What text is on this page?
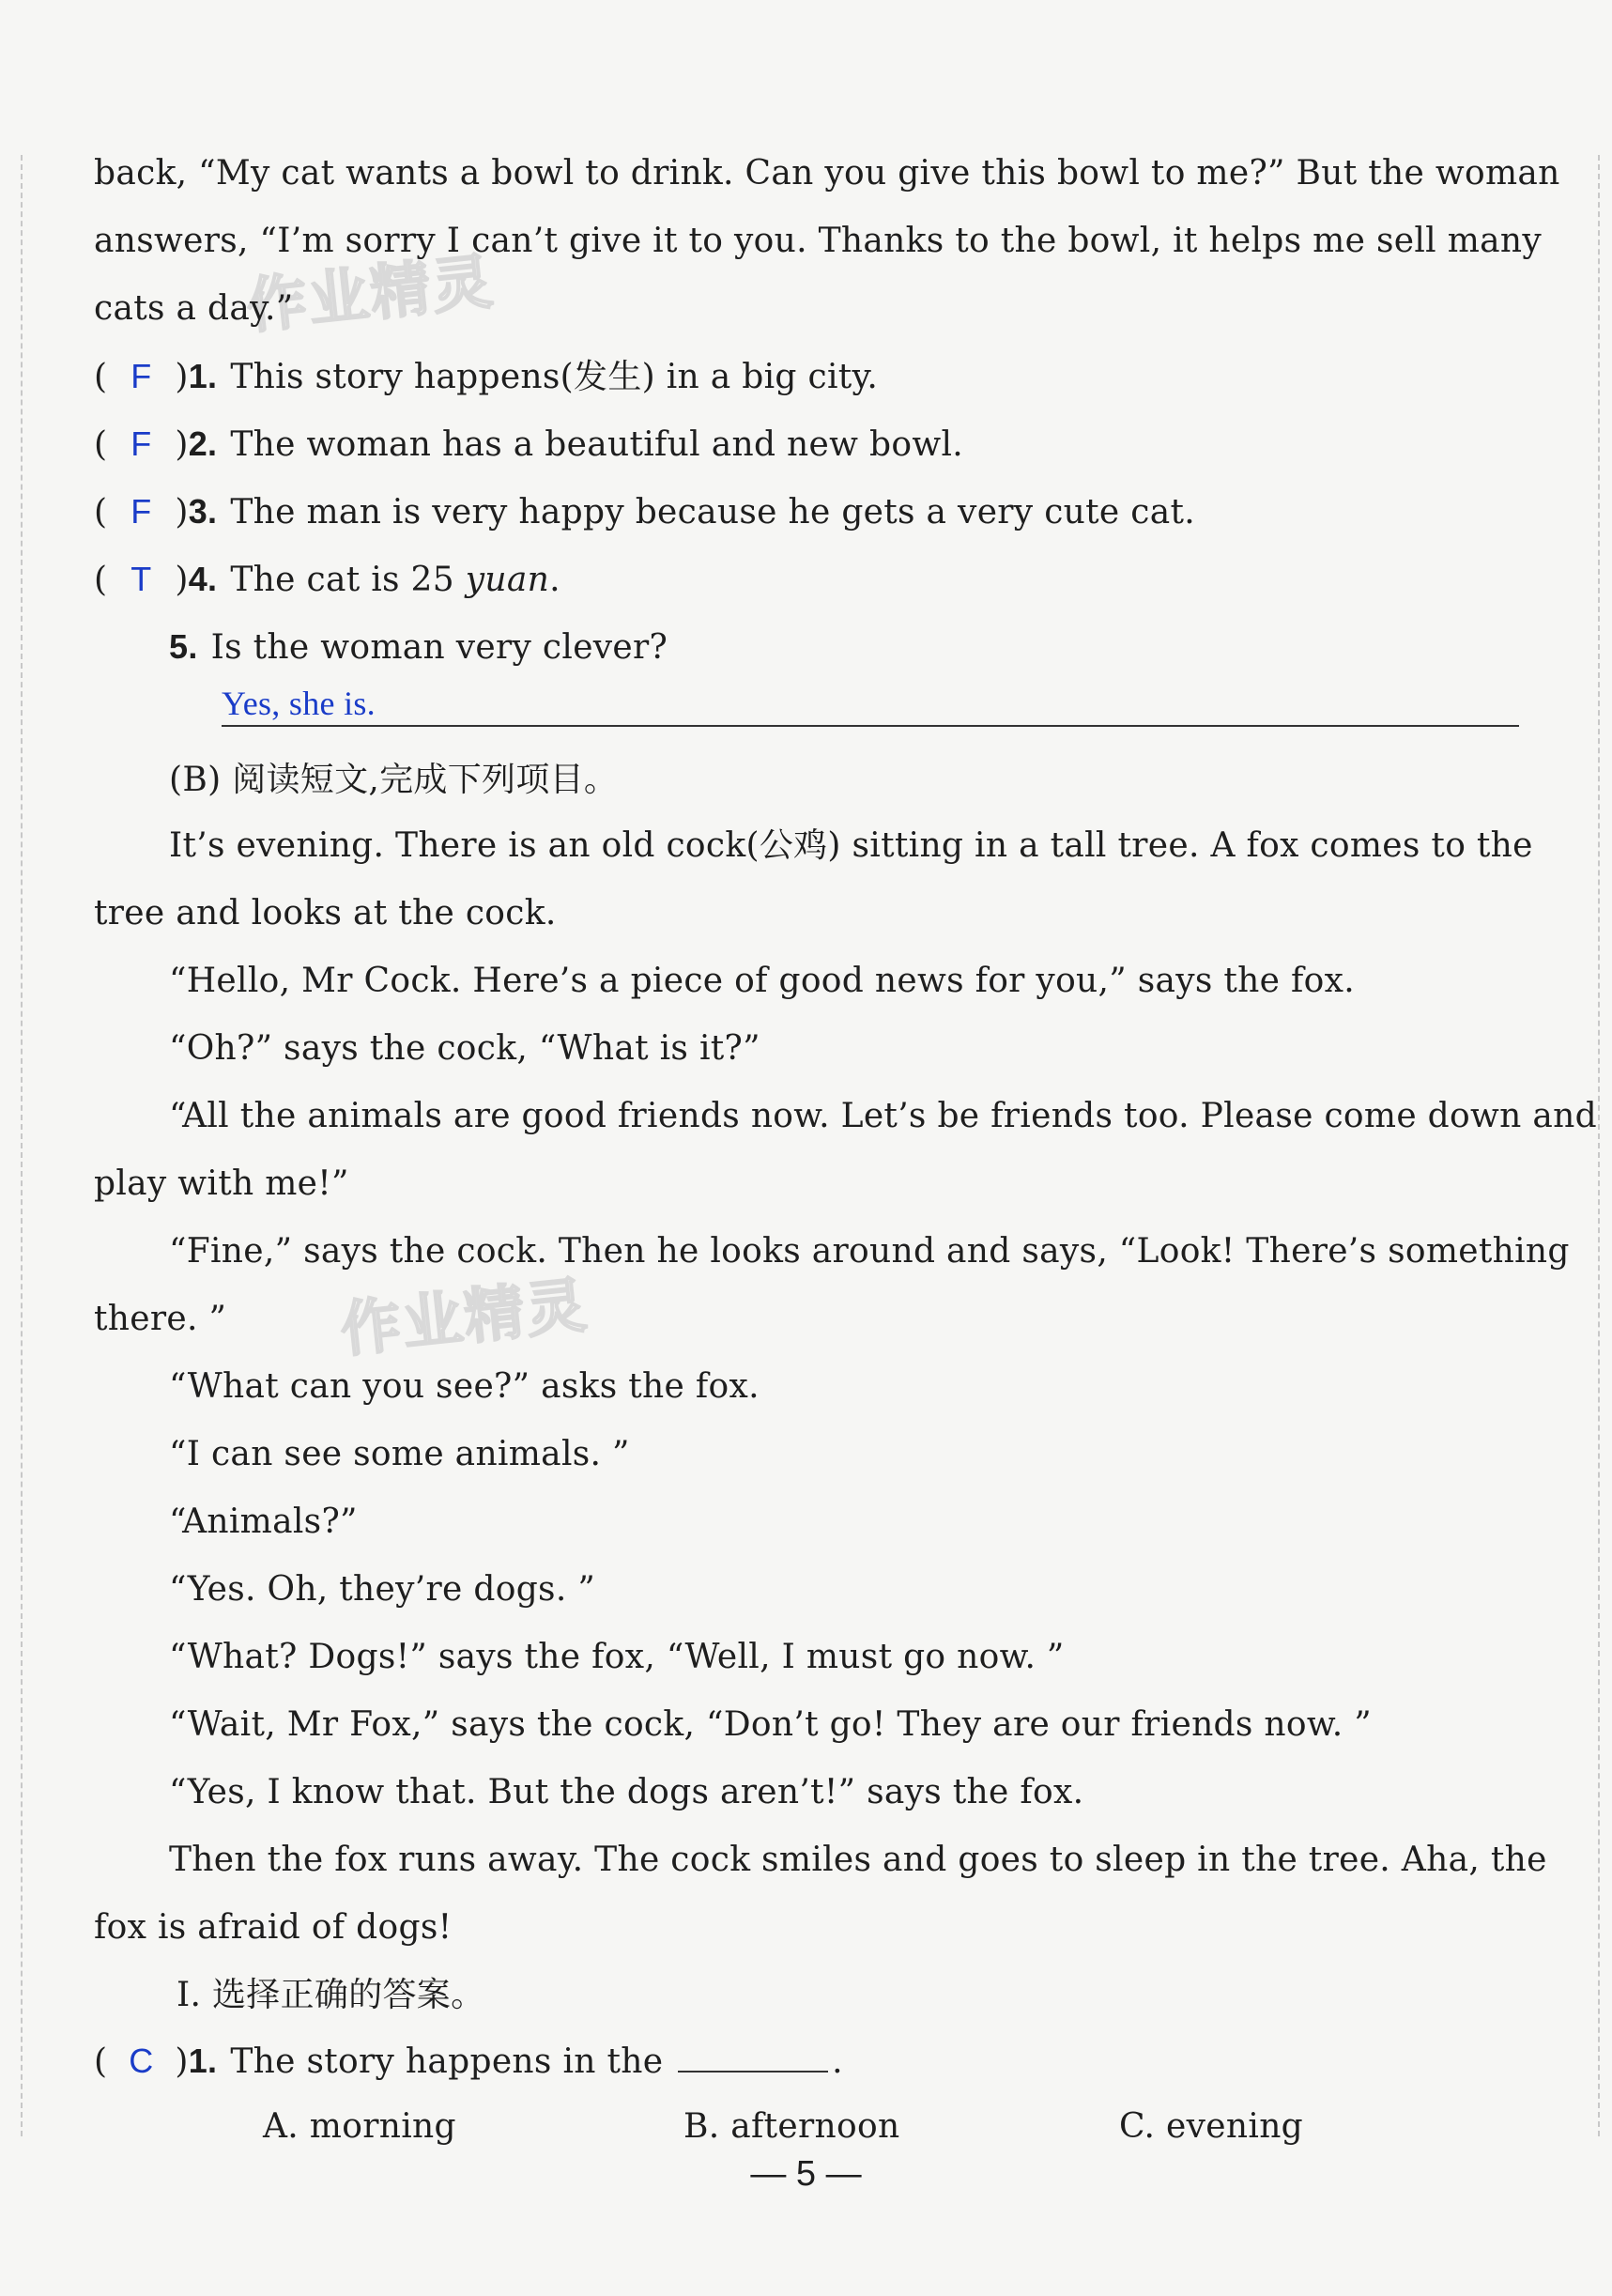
作业精灵
作业精灵
back, “My cat wants a bowl to drink. Can you give this bowl to me?” But the woman
answers, “I’m sorry I can’t give it to you. Thanks to the bowl, it helps me sell many
cats a day.”
( F )1. This story happens(发生) in a big city.
( F )2. The woman has a beautiful and new bowl.
( F )3. The man is very happy because he gets a very cute cat.
( T )4. The cat is 25 yuan.
5. Is the woman very clever?
Yes, she is.
(B) 阅读短文,完成下列项目。
It’s evening. There is an old cock(公鸡) sitting in a tall tree. A fox comes to the
tree and looks at the cock.
“Hello, Mr Cock. Here’s a piece of good news for you,” says the fox.
“Oh?” says the cock, “What is it?”
“All the animals are good friends now. Let’s be friends too. Please come down and
play with me!”
“Fine,” says the cock. Then he looks around and says, “Look! There’s something
there. ”
“What can you see?” asks the fox.
“I can see some animals. ”
“Animals?”
“Yes. Oh, they’re dogs. ”
“What? Dogs!” says the fox, “Well, I must go now. ”
“Wait, Mr Fox,” says the cock, “Don’t go! They are our friends now. ”
“Yes, I know that. But the dogs aren’t!” says the fox.
Then the fox runs away. The cock smiles and goes to sleep in the tree. Aha, the
fox is afraid of dogs!
Ⅰ. 选择正确的答案。
( C )1. The story happens in the	.
A. morning	B. afternoon	C. evening
— 5 —
